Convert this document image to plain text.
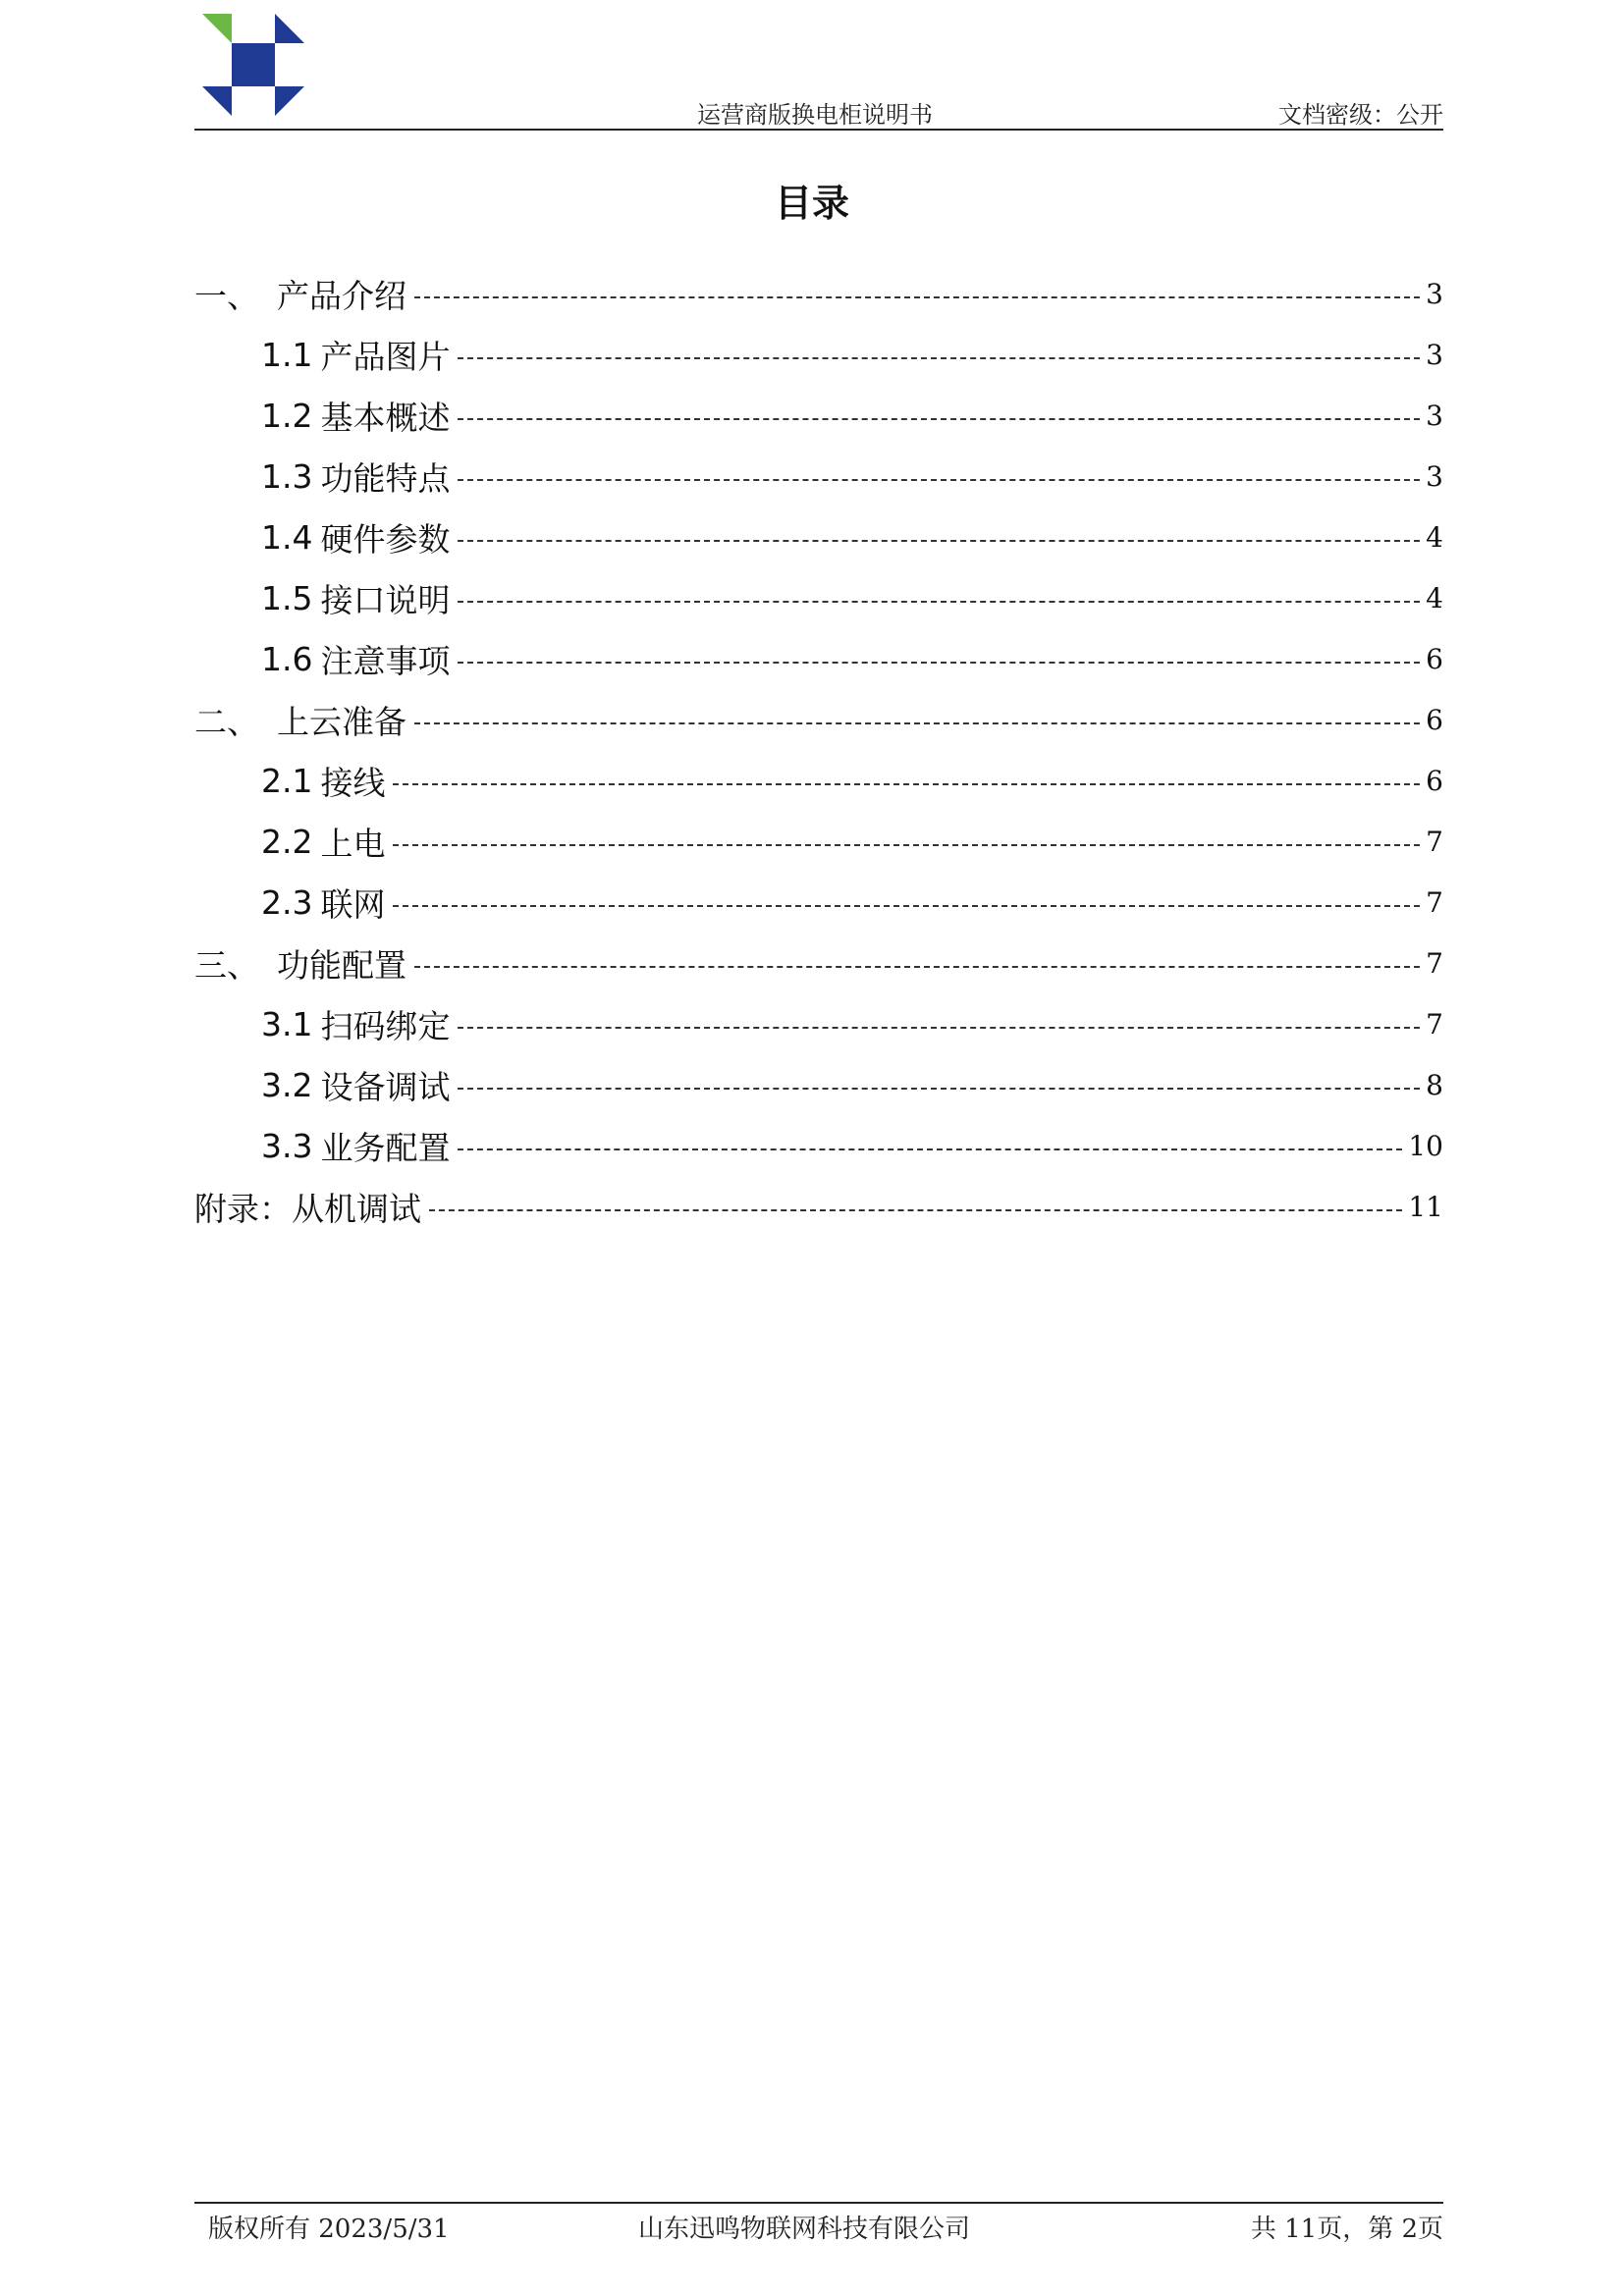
运营商版换电柜说明书	文档密级：公开
目录
一、 产品介绍	3
1.1 产品图片	3
1.2 基本概述	3
1.3 功能特点	3
1.4 硬件参数	4
1.5 接口说明	4
1.6 注意事项	6
二、 上云准备	6
2.1 接线	6
2.2 上电	7
2.3 联网	7
三、 功能配置	7
3.1 扫码绑定	7
3.2 设备调试	8
3.3 业务配置	10
附录： 从机调试	11
版权所有 2023/5/31	山东迅鸣物联网科技有限公司	共 11页，第 2页
